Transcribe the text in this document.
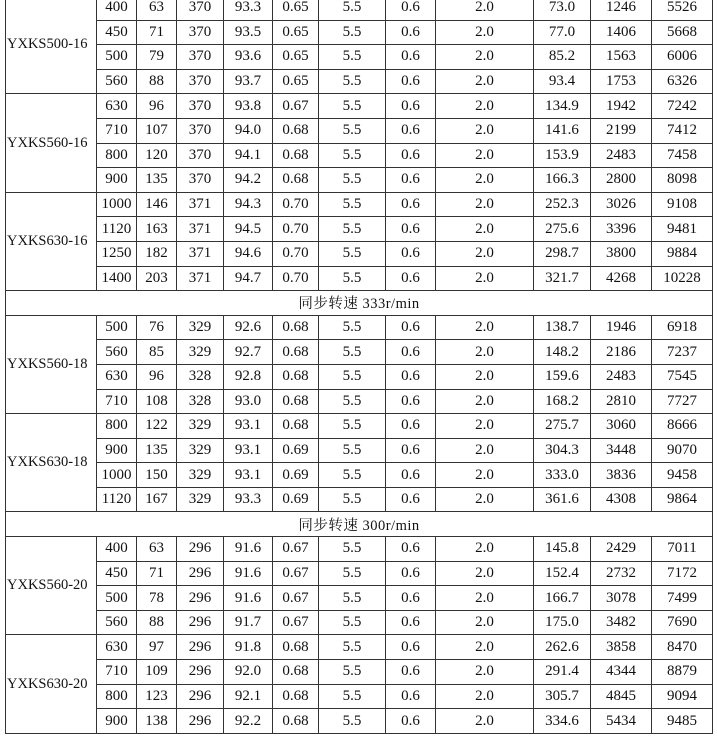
YXKS500-16	400	63	370	93.3	0.65	5.5	0.6	2.0	73.0	1246	5526	
	450	71	370	93.5	0.65	5.5	0.6	2.0	77.0	1406	5668	
	500	79	370	93.6	0.65	5.5	0.6	2.0	85.2	1563	6006	
	560	88	370	93.7	0.65	5.5	0.6	2.0	93.4	1753	6326	
YXKS560-16	630	96	370	93.8	0.67	5.5	0.6	2.0	134.9	1942	7242	
	710	107	370	94.0	0.68	5.5	0.6	2.0	141.6	2199	7412	
	800	120	370	94.1	0.68	5.5	0.6	2.0	153.9	2483	7458	
	900	135	370	94.2	0.68	5.5	0.6	2.0	166.3	2800	8098	
YXKS630-16	1000	146	371	94.3	0.70	5.5	0.6	2.0	252.3	3026	9108	
	1120	163	371	94.5	0.70	5.5	0.6	2.0	275.6	3396	9481	
	1250	182	371	94.6	0.70	5.5	0.6	2.0	298.7	3800	9884	
	1400	203	371	94.7	0.70	5.5	0.6	2.0	321.7	4268	10228	
同步转速 333r/min												
YXKS560-18	500	76	329	92.6	0.68	5.5	0.6	2.0	138.7	1946	6918	
	560	85	329	92.7	0.68	5.5	0.6	2.0	148.2	2186	7237	
	630	96	328	92.8	0.68	5.5	0.6	2.0	159.6	2483	7545	
	710	108	328	93.0	0.68	5.5	0.6	2.0	168.2	2810	7727	
YXKS630-18	800	122	329	93.1	0.68	5.5	0.6	2.0	275.7	3060	8666	
	900	135	329	93.1	0.69	5.5	0.6	2.0	304.3	3448	9070	
	1000	150	329	93.1	0.69	5.5	0.6	2.0	333.0	3836	9458	
	1120	167	329	93.3	0.69	5.5	0.6	2.0	361.6	4308	9864	
同步转速 300r/min												
YXKS560-20	400	63	296	91.6	0.67	5.5	0.6	2.0	145.8	2429	7011	
	450	71	296	91.6	0.67	5.5	0.6	2.0	152.4	2732	7172	
	500	78	296	91.6	0.67	5.5	0.6	2.0	166.7	3078	7499	
	560	88	296	91.7	0.67	5.5	0.6	2.0	175.0	3482	7690	
YXKS630-20	630	97	296	91.8	0.68	5.5	0.6	2.0	262.6	3858	8470	
	710	109	296	92.0	0.68	5.5	0.6	2.0	291.4	4344	8879	
	800	123	296	92.1	0.68	5.5	0.6	2.0	305.7	4845	9094	
	900	138	296	92.2	0.68	5.5	0.6	2.0	334.6	5434	9485	
